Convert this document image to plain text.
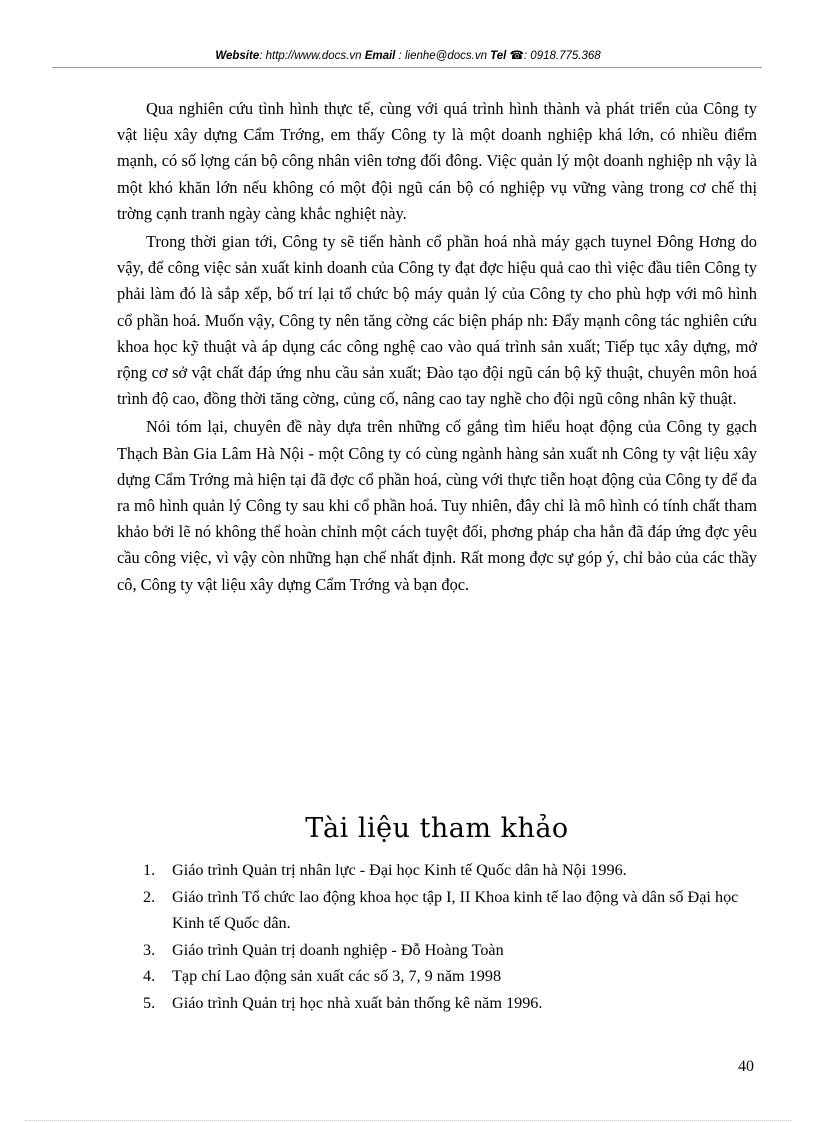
Website: http://www.docs.vn Email : lienhe@docs.vn Tel ☎: 0918.775.368

Qua nghiên cứu tình hình thực tế, cùng với quá trình hình thành và phát triển của Công ty vật liệu xây dựng Cẩm Trớng, em thấy Công ty là một doanh nghiệp khá lớn, có nhiều điểm mạnh, có số lợng cán bộ công nhân viên tơng đối đông. Việc quản lý một doanh nghiệp nh vậy là một khó khăn lớn nếu không có một đội ngũ cán bộ có nghiệp vụ vững vàng trong cơ chế thị trờng cạnh tranh ngày càng khắc nghiệt này.

Trong thời gian tới, Công ty sẽ tiến hành cổ phần hoá nhà máy gạch tuynel Đông Hơng do vậy, để công việc sản xuất kinh doanh của Công ty đạt đợc hiệu quả cao thì việc đầu tiên Công ty phải làm đó là sắp xếp, bố trí lại tổ chức bộ máy quản lý của Công ty cho phù hợp với mô hình cổ phần hoá. Muốn vậy, Công ty nên tăng cờng các biện pháp nh: Đẩy mạnh công tác nghiên cứu khoa học kỹ thuật và áp dụng các công nghệ cao vào quá trình sản xuất; Tiếp tục xây dựng, mở rộng cơ sở vật chất đáp ứng nhu cầu sản xuất; Đào tạo đội ngũ cán bộ kỹ thuật, chuyên môn hoá trình độ cao, đồng thời tăng cờng, củng cố, nâng cao tay nghề cho đội ngũ công nhân kỹ thuật.

Nói tóm lại, chuyên đề này dựa trên những cố gắng tìm hiểu hoạt động của Công ty gạch Thạch Bàn Gia Lâm Hà Nội - một Công ty có cùng ngành hàng sản xuất nh Công ty vật liệu xây dựng Cẩm Trớng mà hiện tại đã đợc cổ phần hoá, cùng với thực tiễn hoạt động của Công ty để đa ra mô hình quản lý Công ty sau khi cổ phần hoá. Tuy nhiên, đây chỉ là mô hình có tính chất tham khảo bởi lẽ nó không thể hoàn chỉnh một cách tuyệt đối, phơng pháp cha hẳn đã đáp ứng đợc yêu cầu công việc, vì vậy còn những hạn chế nhất định. Rất mong đợc sự góp ý, chỉ bảo của các thầy cô, Công ty vật liệu xây dựng Cẩm Trớng và bạn đọc.

Tài liệu tham khảo
1. Giáo trình Quản trị nhân lực - Đại học Kinh tế Quốc dân hà Nội 1996.
2. Giáo trình Tổ chức lao động khoa học tập I, II Khoa kinh tế lao động và dân số Đại học Kinh tế Quốc dân.
3. Giáo trình Quản trị doanh nghiệp - Đỗ Hoàng Toàn
4. Tạp chí Lao động sản xuất các số 3, 7, 9 năm 1998
5. Giáo trình Quản trị học nhà xuất bản thống kê năm 1996.
40
